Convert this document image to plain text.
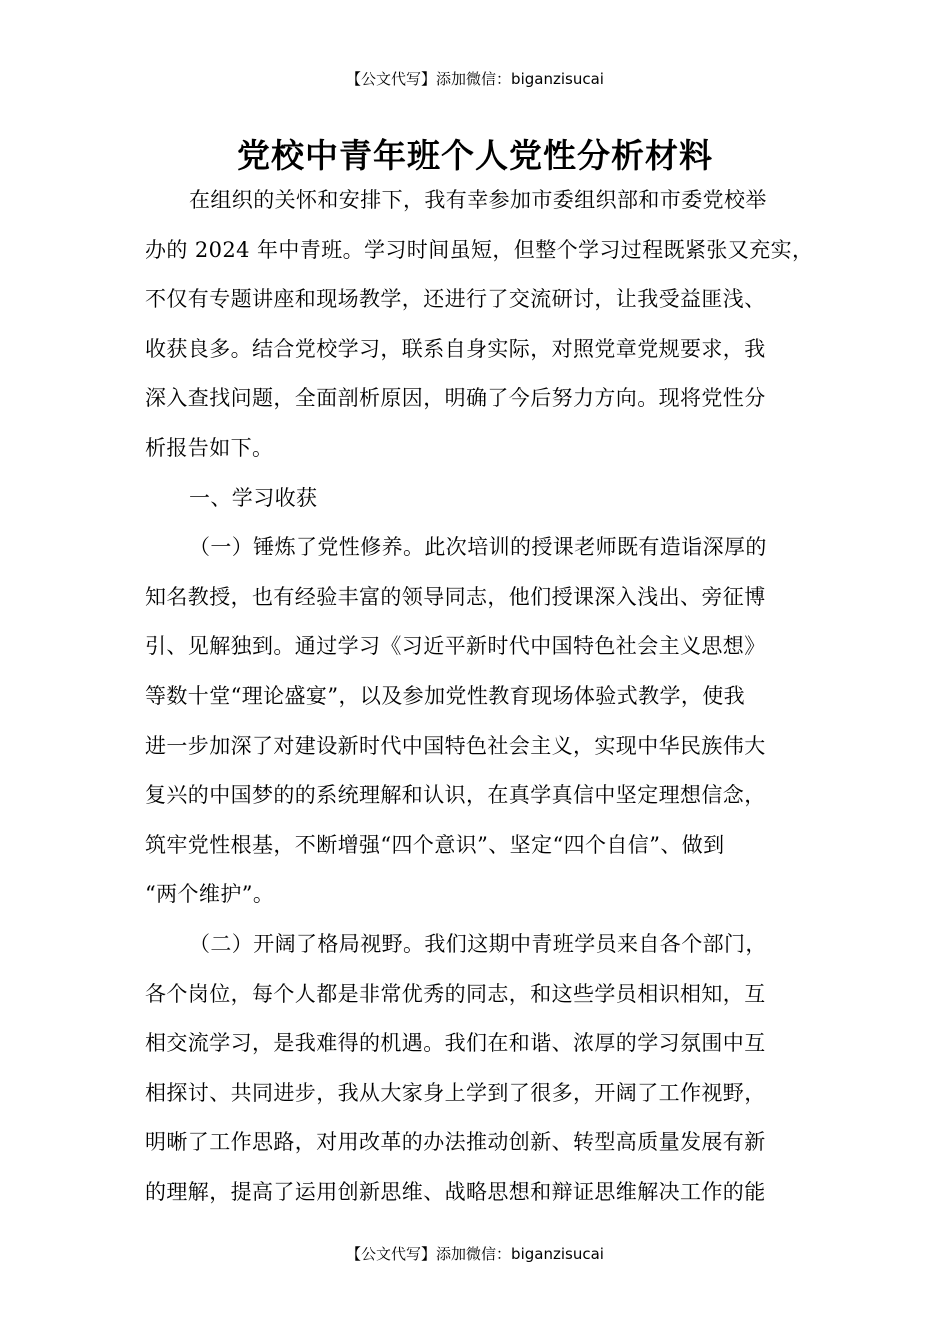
【公文代写】添加微信：biganzisucai
党校中青年班个人党性分析材料
在组织的关怀和安排下，我有幸参加市委组织部和市委党校举
办的 2024 年中青班。学习时间虽短，但整个学习过程既紧张又充实，
不仅有专题讲座和现场教学，还进行了交流研讨，让我受益匪浅、
收获良多。结合党校学习，联系自身实际，对照党章党规要求，我
深入查找问题，全面剖析原因，明确了今后努力方向。现将党性分
析报告如下。
一、学习收获
（一）锤炼了党性修养。此次培训的授课老师既有造诣深厚的
知名教授，也有经验丰富的领导同志，他们授课深入浅出、旁征博
引、见解独到。通过学习《习近平新时代中国特色社会主义思想》
等数十堂“理论盛宴”，以及参加党性教育现场体验式教学，使我
进一步加深了对建设新时代中国特色社会主义，实现中华民族伟大
复兴的中国梦的的系统理解和认识，在真学真信中坚定理想信念，
筑牢党性根基，不断增强“四个意识”、坚定“四个自信”、做到
“两个维护”。
（二）开阔了格局视野。我们这期中青班学员来自各个部门，
各个岗位，每个人都是非常优秀的同志，和这些学员相识相知，互
相交流学习，是我难得的机遇。我们在和谐、浓厚的学习氛围中互
相探讨、共同进步，我从大家身上学到了很多，开阔了工作视野，
明晰了工作思路，对用改革的办法推动创新、转型高质量发展有新
的理解，提高了运用创新思维、战略思想和辩证思维解决工作的能
【公文代写】添加微信：biganzisucai
